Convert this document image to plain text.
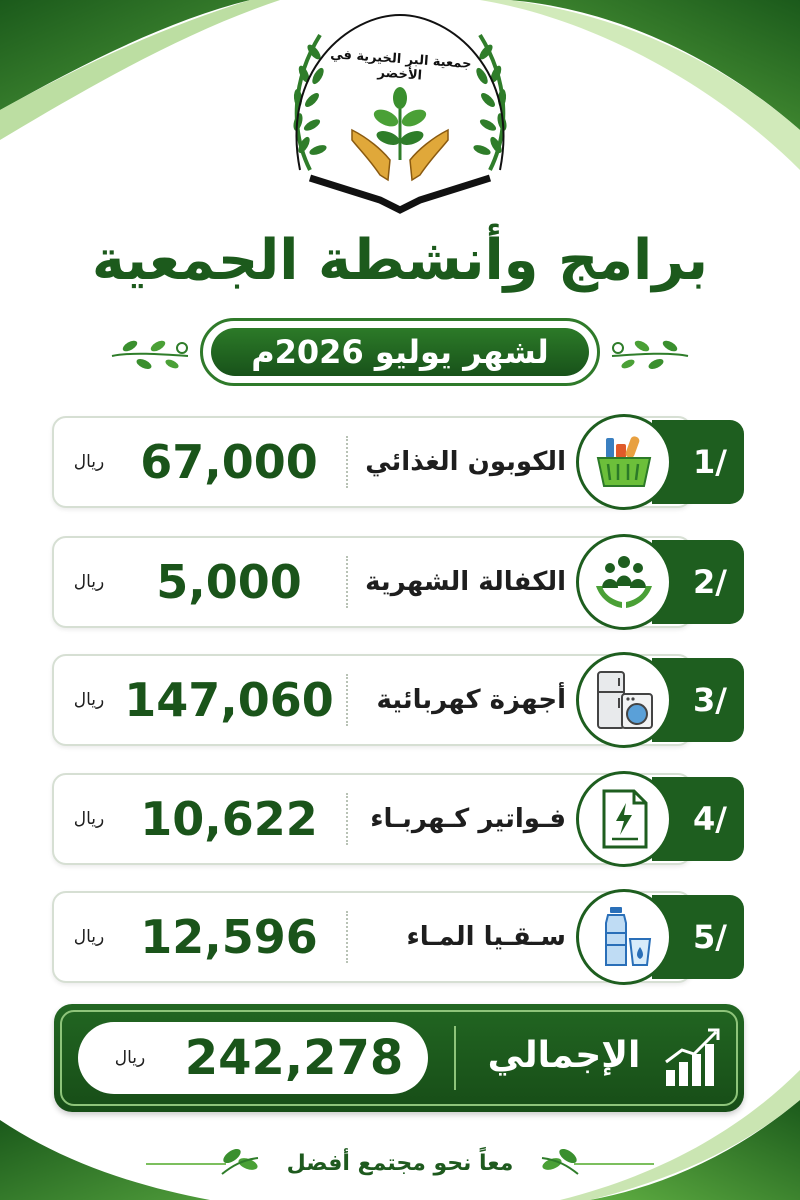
جمعية البر الخيرية في الأخضر
برامج وأنشطة الجمعية
لشهر يوليو 2026م
/1
الكوبون الغذائي
67,000
ريال
/2
الكفالة الشهرية
5,000
ريال
/3
أجهزة كهربائية
147,060
ريال
/4
فـواتير كـهربـاء
10,622
ريال
/5
سـقـيا المـاء
12,596
ريال
242,278
ريال	الإجمالي
معاً نحو مجتمع أفضل
